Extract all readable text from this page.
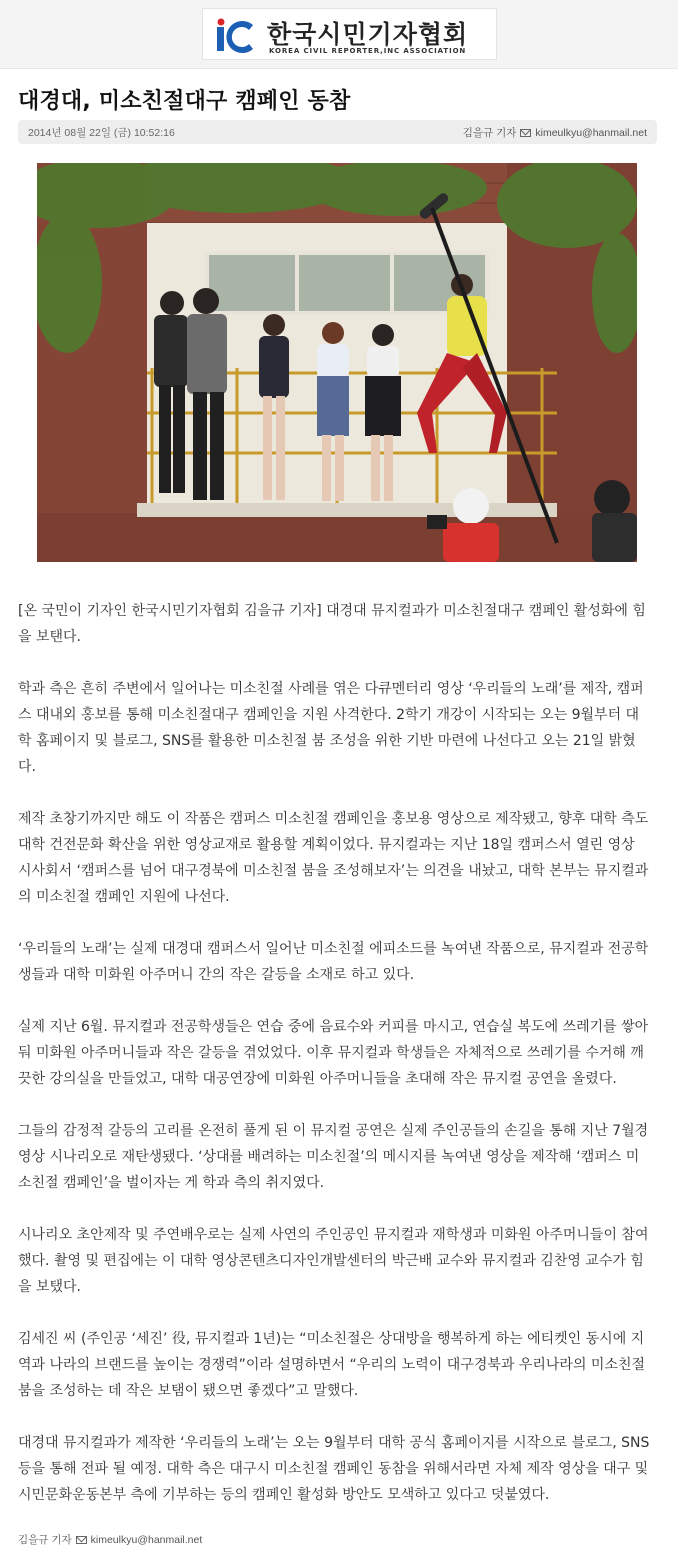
한국시민기자협회
KOREA CIVIL REPORTER,INC ASSOCIATION
대경대, 미소친절대구 캠페인 동참
2014년 08월 22일 (금) 10:52:16	김을규 기자 kimeulkyu@hanmail.net

[온 국민이 기자인 한국시민기자협회 김을규 기자] 대경대 뮤지컬과가 미소친절대구 캠페인 활성화에 힘을 보탠다.

학과 측은 흔히 주변에서 일어나는 미소친절 사례를 엮은 다큐멘터리 영상 ‘우리들의 노래’를 제작, 캠퍼스 대내외 홍보를 통해 미소친절대구 캠페인을 지원 사격한다. 2학기 개강이 시작되는 오는 9월부터 대학 홈페이지 및 블로그, SNS를 활용한 미소친절 붐 조성을 위한 기반 마련에 나선다고 오는 21일 밝혔다.

제작 초창기까지만 해도 이 작품은 캠퍼스 미소친절 캠페인을 홍보용 영상으로 제작됐고, 향후 대학 측도 대학 건전문화 확산을 위한 영상교재로 활용할 계획이었다. 뮤지컬과는 지난 18일 캠퍼스서 열린 영상 시사회서 ‘캠퍼스를 넘어 대구경북에 미소친절 붐을 조성해보자’는 의견을 내놨고, 대학 본부는 뮤지컬과의 미소친절 캠페인 지원에 나선다.

‘우리들의 노래’는 실제 대경대 캠퍼스서 일어난 미소친절 에피소드를 녹여낸 작품으로, 뮤지컬과 전공학생들과 대학 미화원 아주머니 간의 작은 갈등을 소재로 하고 있다.

실제 지난 6월. 뮤지컬과 전공학생들은 연습 중에 음료수와 커피를 마시고, 연습실 복도에 쓰레기를 쌓아둬 미화원 아주머니들과 작은 갈등을 겪었었다. 이후 뮤지컬과 학생들은 자체적으로 쓰레기를 수거해 깨끗한 강의실을 만들었고, 대학 대공연장에 미화원 아주머니들을 초대해 작은 뮤지컬 공연을 올렸다.

그들의 감정적 갈등의 고리를 온전히 풀게 된 이 뮤지컬 공연은 실제 주인공들의 손길을 통해 지난 7월경 영상 시나리오로 재탄생됐다. ‘상대를 배려하는 미소친절’의 메시지를 녹여낸 영상을 제작해 ‘캠퍼스 미소친절 캠페인’을 벌이자는 게 학과 측의 취지였다.

시나리오 초안제작 및 주연배우로는 실제 사연의 주인공인 뮤지컬과 재학생과 미화원 아주머니들이 참여했다. 촬영 및 편집에는 이 대학 영상콘텐츠디자인개발센터의 박근배 교수와 뮤지컬과 김찬영 교수가 힘을 보탰다.

김세진 씨 (주인공 ‘세진’ 役, 뮤지컬과 1년)는 “미소친절은 상대방을 행복하게 하는 에티켓인 동시에 지역과 나라의 브랜드를 높이는 경쟁력”이라 설명하면서 “우리의 노력이 대구경북과 우리나라의 미소친절 붐을 조성하는 데 작은 보탬이 됐으면 좋겠다”고 말했다.

대경대 뮤지컬과가 제작한 ‘우리들의 노래’는 오는 9월부터 대학 공식 홈페이지를 시작으로 블로그, SNS 등을 통해 전파 될 예정. 대학 측은 대구시 미소친절 캠페인 동참을 위해서라면 자체 제작 영상을 대구 및 시민문화운동본부 측에 기부하는 등의 캠페인 활성화 방안도 모색하고 있다고 덧붙였다.

김을규 기자 kimeulkyu@hanmail.net
